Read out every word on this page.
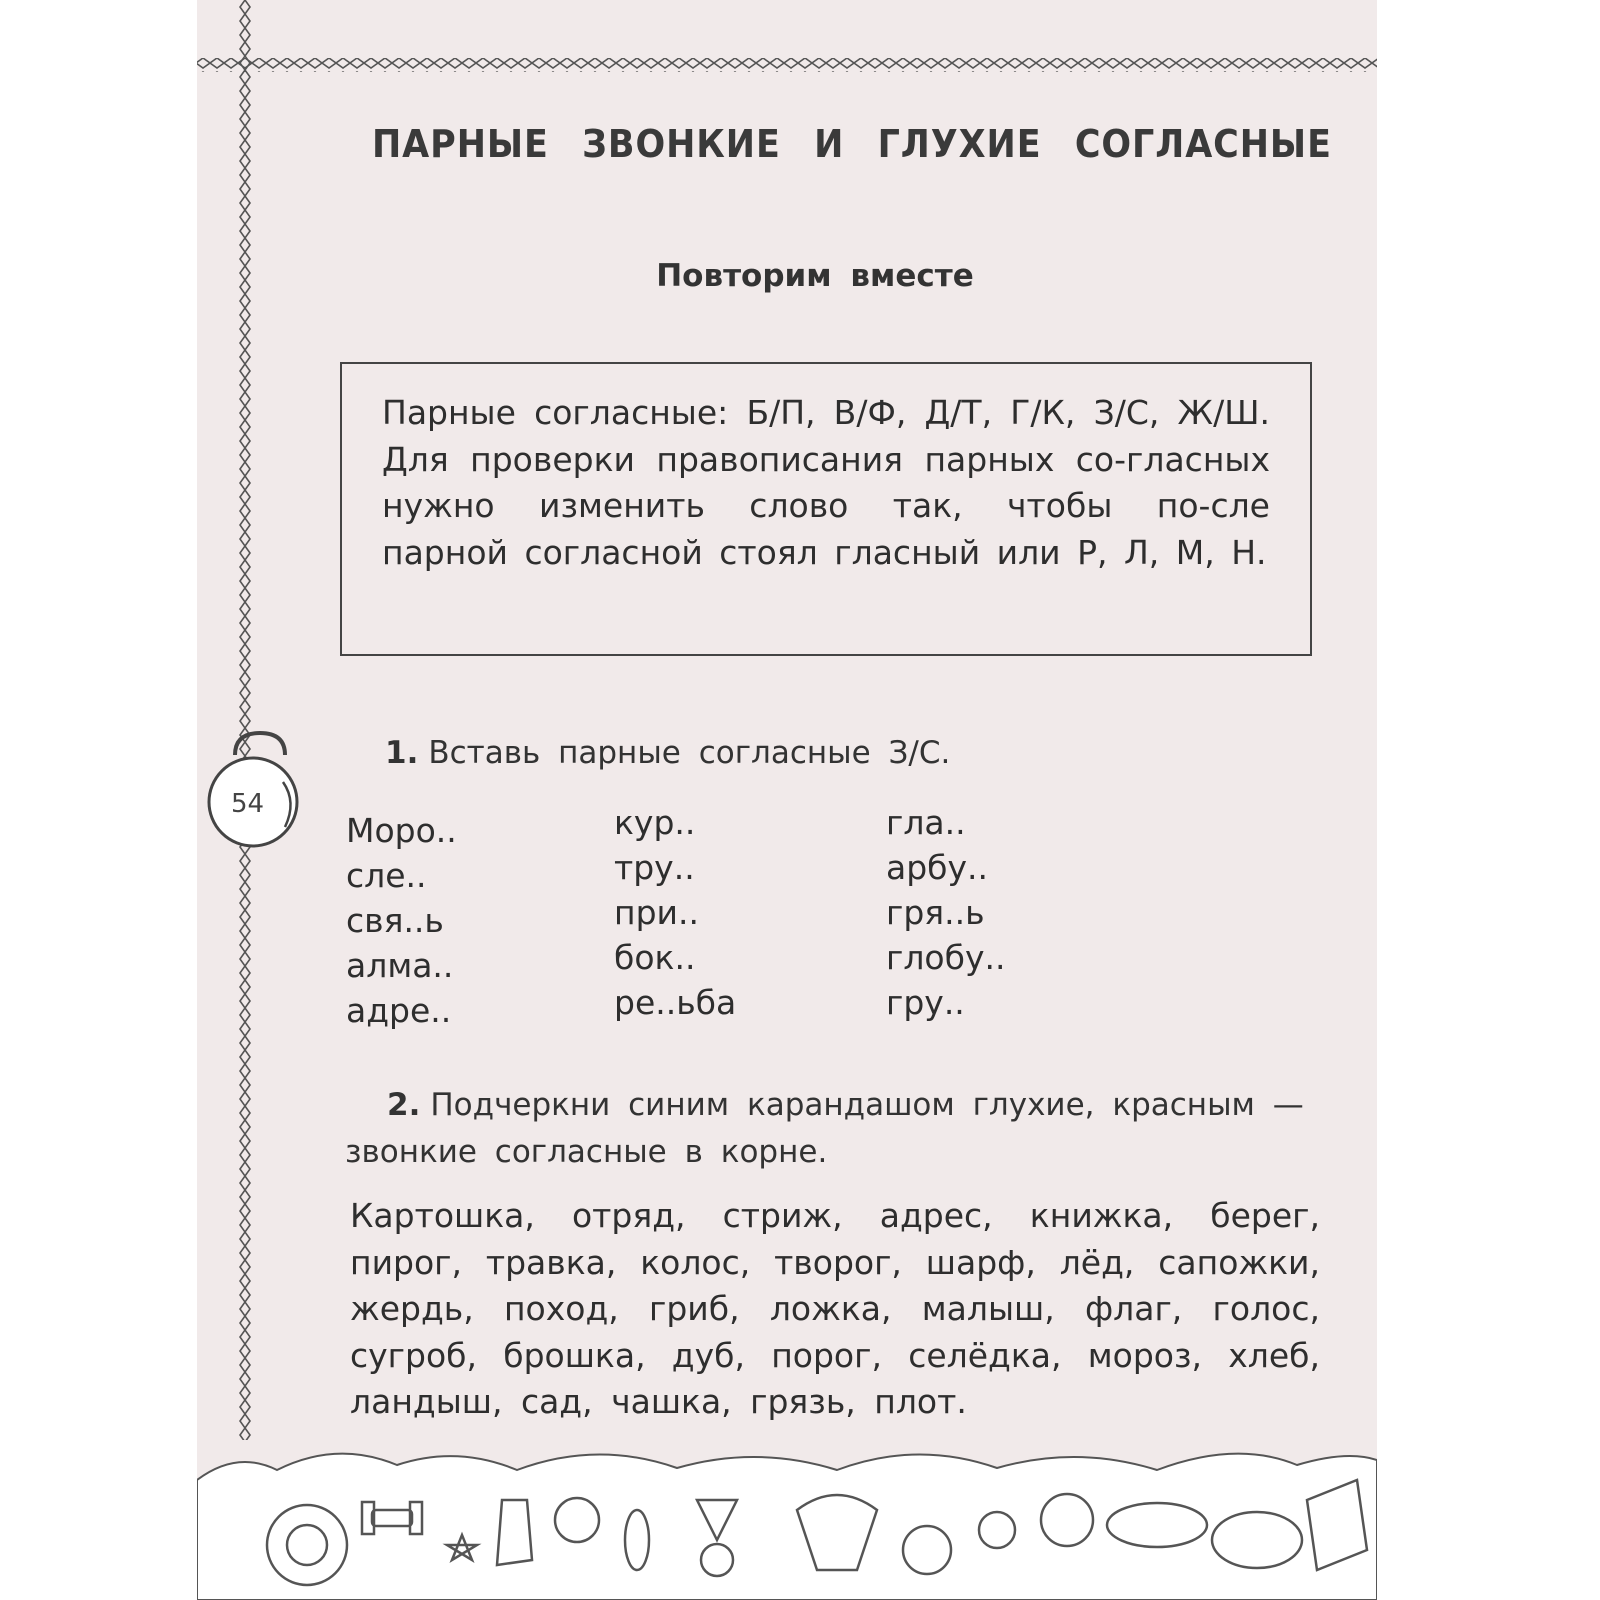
ПАРНЫЕ ЗВОНКИЕ И ГЛУХИЕ СОГЛАСНЫЕ
Повторим вместе
Парные согласные: Б/П, В/Ф, Д/Т, Г/К, З/С, Ж/Ш. Для проверки правописания парных со-гласных нужно изменить слово так, чтобы по-сле парной согласной стоял гласный или Р, Л, М, Н.
54
1. Вставь парные согласные З/С.
Моро..
сле..
свя..ь
алма..
адре..
кур..
тру..
при..
бок..
ре..ьба
гла..
арбу..
гря..ь
глобу..
гру..
2. Подчеркни синим карандашом глухие, красным — звонкие согласные в корне.
Картошка, отряд, стриж, адрес, книжка, берег, пирог, травка, колос, творог, шарф, лёд, сапожки, жердь, поход, гриб, ложка, малыш, флаг, голос, сугроб, брошка, дуб, порог, селёдка, мороз, хлеб, ландыш, сад, чашка, грязь, плот.
